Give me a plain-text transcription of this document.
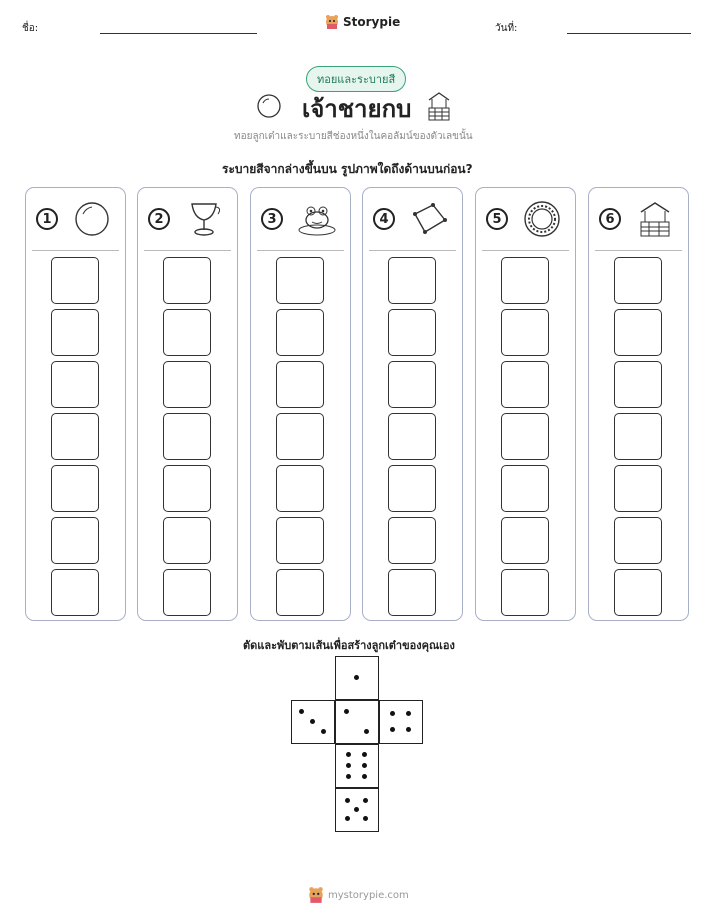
ชื่อ:	Storypie	วันที่:
ทอยและระบายสี
เจ้าชายกบ
ทอยลูกเต๋าและระบายสีช่องหนึ่งในคอลัมน์ของตัวเลขนั้น
ระบายสีจากล่างขึ้นบน รูปภาพใดถึงด้านบนก่อน?
1	2	3	4	5	6
ตัดและพับตามเส้นเพื่อสร้างลูกเต๋าของคุณเอง
mystorypie.com
